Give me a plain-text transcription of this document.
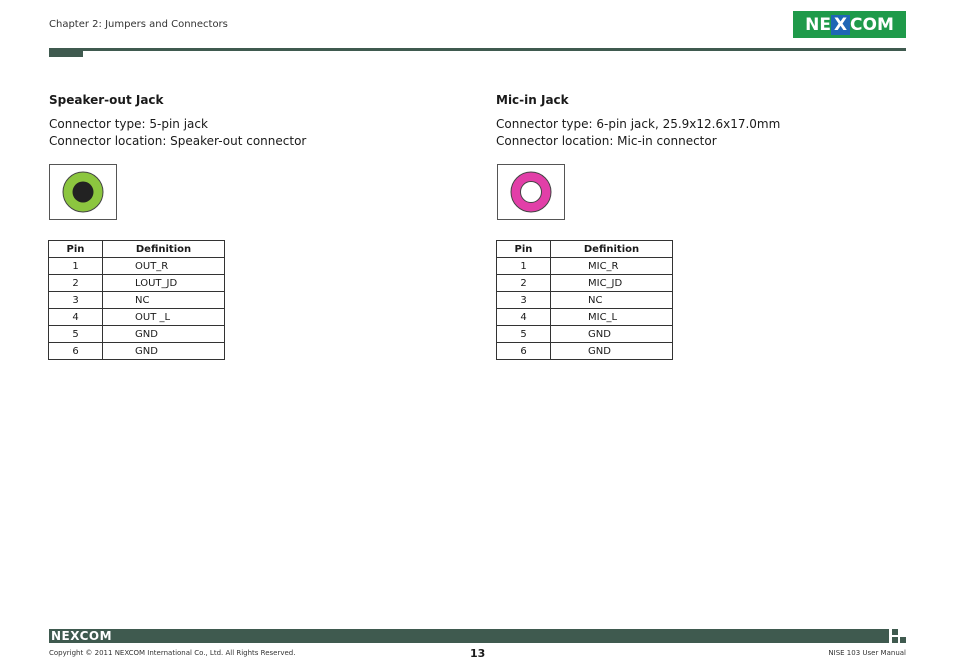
Chapter 2: Jumpers and Connectors	NE X COM
Speaker-out Jack
Connector type: 5-pin jack
Connector location: Speaker-out connector
Pin	Definition
1	OUT_R
2	LOUT_JD
3	NC
4	OUT _L
5	GND
6	GND
Mic-in Jack
Connector type: 6-pin jack, 25.9x12.6x17.0mm
Connector location: Mic-in connector
Pin	Definition
1	MIC_R
2	MIC_JD
3	NC
4	MIC_L
5	GND
6	GND
NEXCOM
Copyright © 2011 NEXCOM International Co., Ltd. All Rights Reserved.	13	NISE 103 User Manual
